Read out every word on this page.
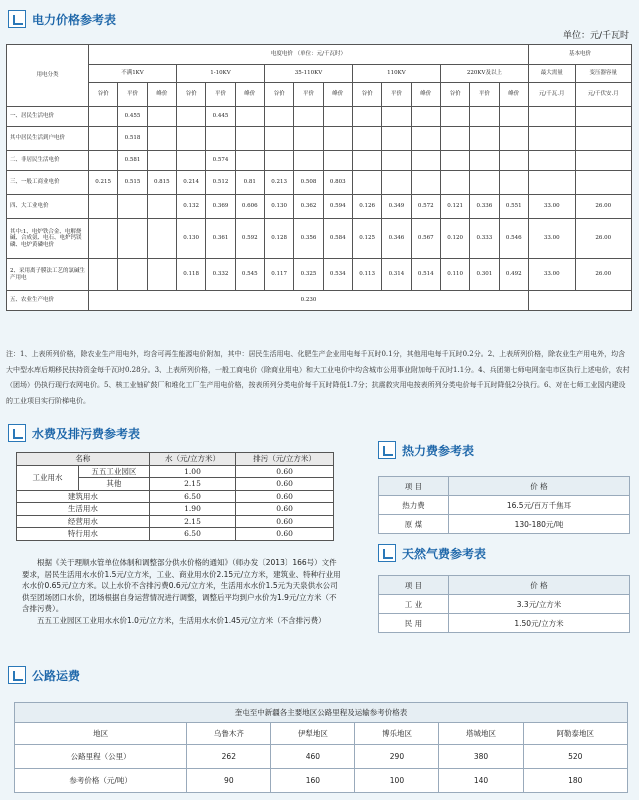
电力价格参考表
单位：元/千瓦时
用电分类	电度电价 （单位：元/千瓦时）															基本电价	
	不满1KV			1-10KV			35-110KV			110KV			220KV及以上			最大需量	变压器容量
	谷价	平价	峰价	谷价	平价	峰价	谷价	平价	峰价	谷价	平价	峰价	谷价	平价	峰价	元/千瓦.月	元/千伏安.月
一、居民生活电价		0.455			0.445												
其中居民生活到户电价		0.518															
二、非居民生活电价		0.581			0.574												
三、一般工商业电价	0.215	0.515	0.815	0.214	0.512	0.81	0.213	0.508	0.803								
四、大工业电价				0.132	0.369	0.606	0.130	0.362	0.594	0.126	0.349	0.572	0.121	0.336	0.551	33.00	26.00
其中:1、电炉铁合金、电解烧碱、合成氨、电石、电炉钙镁磷、电炉黄磷电价				0.130	0.361	0.592	0.128	0.356	0.584	0.125	0.346	0.567	0.120	0.333	0.546	33.00	26.00
2、采用离子膜法工艺的氯碱生产用电				0.118	0.332	0.545	0.117	0.325	0.534	0.113	0.314	0.514	0.110	0.301	0.492	33.00	26.00
五、农业生产电价	0.230																
注：1、上表所列价格，除农业生产用电外，均含可再生能源电价附加，其中：居民生活用电、化肥生产企业用电每千瓦时0.1分，其他用电每千瓦时0.2分。2、上表所列价格，除农业生产用电外，均含大中型水库后期移民扶持资金每千瓦时0.28分。3、上表所列价格，一般工商电价（除商业用电）和大工业电价中均含城市公用事业附加每千瓦时1.1分。4、兵团第七师电网奎屯市区执行上述电价，农村（团场）仍执行现行农网电价。5、核工业铀矿鼓厂和堆化工厂生产用电价格，按表所列分类电价每千瓦时降低1.7分；抗震救灾用电按表所列分类电价每千瓦时降低2分执行。6、对在七师工业园内建设的工业项目实行阶梯电价。
水费及排污费参考表
名称		水（元/立方米）	排污（元/立方米）
工业用水	五五工业园区	1.00	0.60
	其他	2.15	0.60
建筑用水		6.50	0.60
生活用水		1.90	0.60
经营用水		2.15	0.60
特行用水		6.50	0.60

根据《关于理顺水管单位体制和调整部分供水价格的通知》（师办发〔2013〕166号）文件要求，居民生活用水水价1.5元/立方米，工业、商业用水价2.15元/立方米，建筑业、特种行业用水水价0.65元/立方米。以上水价不含排污费0.6元/立方米，生活用水水价1.5元为天泉供水公司供至团场团口水价，团场根据自身运营情况进行调整，调整后平均到户水价为1.9元/立方米（不含排污费）。

五五工业园区工业用水水价1.0元/立方米，生活用水水价1.45元/立方米（不含排污费）

热力费参考表
项 目	价 格
热力费	16.5元/百万千焦耳
原 煤	130-180元/吨
天然气费参考表
项 目	价 格
工 业	3.3元/立方米
民 用	1.50元/立方米
公路运费
奎屯至中新疆各主要地区公路里程及运输参考价格表					
地区	乌鲁木齐	伊犁地区	博乐地区	塔城地区	阿勒泰地区
公路里程（公里）	262	460	290	380	520
参考价格（元/吨）	90	160	100	140	180
